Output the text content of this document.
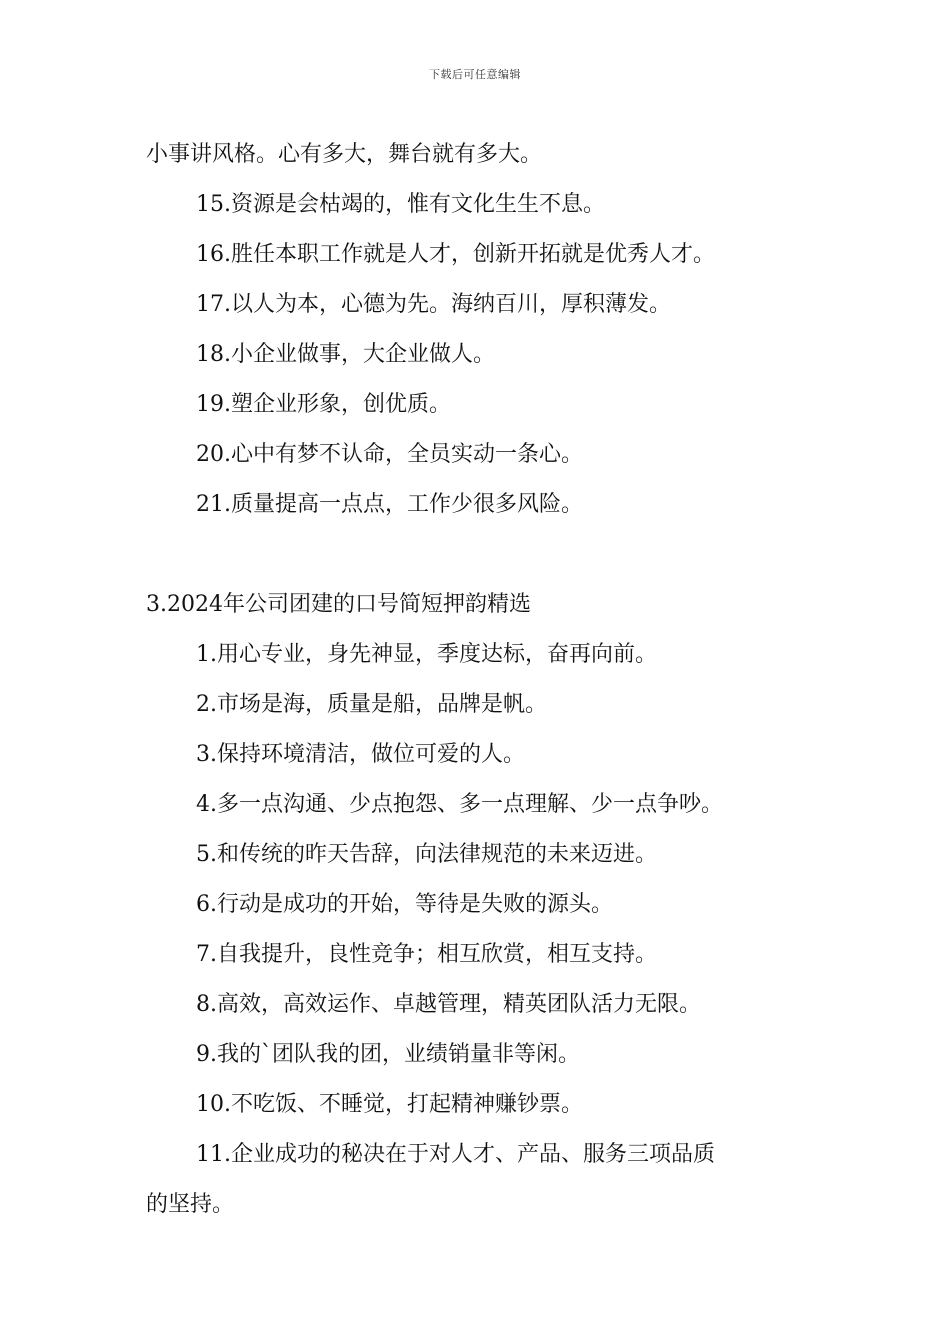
下载后可任意编辑
小事讲风格。心有多大，舞台就有多大。
15.资源是会枯竭的，惟有文化生生不息。
16.胜任本职工作就是人才，创新开拓就是优秀人才。
17.以人为本，心德为先。海纳百川，厚积薄发。
18.小企业做事，大企业做人。
19.塑企业形象，创优质。
20.心中有梦不认命，全员实动一条心。
21.质量提高一点点，工作少很多风险。
3.2024年公司团建的口号简短押韵精选
1.用心专业，身先神显，季度达标，奋再向前。
2.市场是海，质量是船，品牌是帆。
3.保持环境清洁，做位可爱的人。
4.多一点沟通、少点抱怨、多一点理解、少一点争吵。
5.和传统的昨天告辞，向法律规范的未来迈进。
6.行动是成功的开始，等待是失败的源头。
7.自我提升，良性竞争；相互欣赏，相互支持。
8.高效，高效运作、卓越管理，精英团队活力无限。
9.我的`团队我的团，业绩销量非等闲。
10.不吃饭、不睡觉，打起精神赚钞票。
11.企业成功的秘决在于对人才、产品、服务三项品质
的坚持。
